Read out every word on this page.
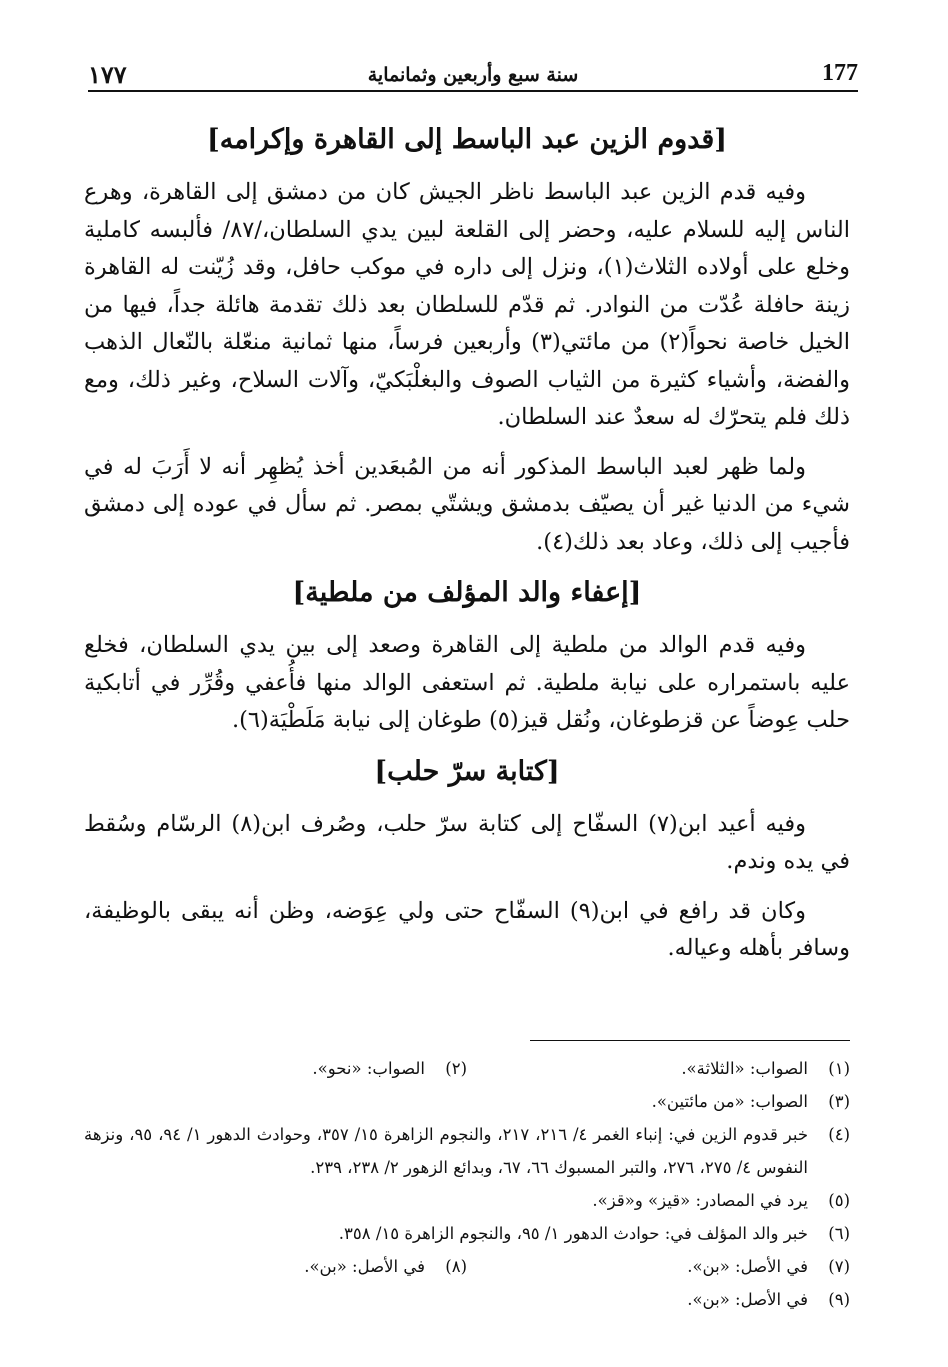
١٧٧	سنة سبع وأربعين وثمانماية	177
[قدوم الزين عبد الباسط إلى القاهرة وإكرامه]

وفيه قدم الزين عبد الباسط ناظر الجيش كان من دمشق إلى القاهرة، وهرع الناس إليه للسلام عليه، وحضر إلى القلعة لبين يدي السلطان،/٨٧/ فألبسه كاملية وخلع على أولاده الثلاث(١)، ونزل إلى داره في موكب حافل، وقد زُيّنت له القاهرة زينة حافلة عُدّت من النوادر. ثم قدّم للسلطان بعد ذلك تقدمة هائلة جداً، فيها من الخيل خاصة نحواً(٢) من مائتي(٣) وأربعين فرساً، منها ثمانية منعّلة بالنّعال الذهب والفضة، وأشياء كثيرة من الثياب الصوف والبغلْبَكيّ، وآلات السلاح، وغير ذلك، ومع ذلك فلم يتحرّك له سعدٌ عند السلطان.

ولما ظهر لعبد الباسط المذكور أنه من المُبعَدين أخذ يُظهِر أنه لا أَرَبَ له في شيء من الدنيا غير أن يصيّف بدمشق ويشتّي بمصر. ثم سأل في عوده إلى دمشق فأجيب إلى ذلك، وعاد بعد ذلك(٤).

[إعفاء والد المؤلف من ملطية]

وفيه قدم الوالد من ملطية إلى القاهرة وصعد إلى بين يدي السلطان، فخلع عليه باستمراره على نيابة ملطية. ثم استعفى الوالد منها فأُعفي وقُرِّر في أتابكية حلب عِوضاً عن قزطوغان، ونُقل قيز(٥) طوغان إلى نيابة مَلَطْيَة(٦).

[كتابة سرّ حلب]

وفيه أعيد ابن(٧) السفّاح إلى كتابة سرّ حلب، وصُرف ابن(٨) الرسّام وسُقط في يده وندم.

وكان قد رافع في ابن(٩) السفّاح حتى ولي عِوَضه، وظن أنه يبقى بالوظيفة، وسافر بأهله وعياله.

(١)
الصواب: «الثلاثة».
(٢)
الصواب: «نحو».
(٣)
الصواب: «من مائتين».
(٤)
خبر قدوم الزين في: إنباء الغمر ٤/ ٢١٦، ٢١٧، والنجوم الزاهرة ١٥/ ٣٥٧، وحوادث الدهور ١/ ٩٤، ٩٥، ونزهة النفوس ٤/ ٢٧٥، ٢٧٦، والتبر المسبوك ٦٦، ٦٧، وبدائع الزهور ٢/ ٢٣٨، ٢٣٩.
(٥)
يرد في المصادر: «قيز» و«قز».
(٦)
خبر والد المؤلف في: حوادث الدهور ١/ ٩٥، والنجوم الزاهرة ١٥/ ٣٥٨.
(٧)
في الأصل: «بن».
(٨)
في الأصل: «بن».
(٩)
في الأصل: «بن».
